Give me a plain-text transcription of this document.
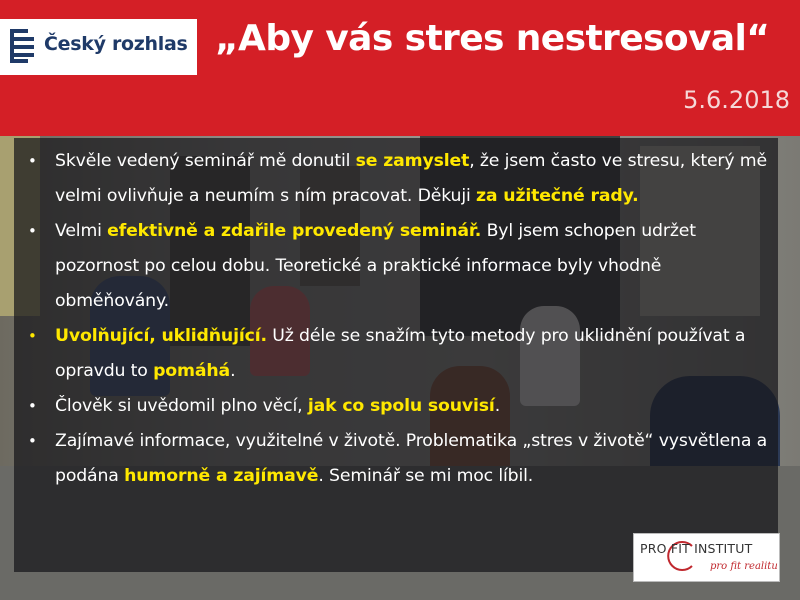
Český rozhlas „Aby vás stres nestresoval“
5.6.2018
• Skvěle vedený seminář mě donutil se zamyslet, že jsem často ve stresu, který mě velmi ovlivňuje a neumím s ním pracovat. Děkuji za užitečné rady.
• Velmi efektivně a zdařile provedený seminář. Byl jsem schopen udržet pozornost po celou dobu. Teoretické a praktické informace byly vhodně obměňovány.
• Uvolňující, uklidňující. Už déle se snažím tyto metody pro uklidnění používat a opravdu to pomáhá.
• Člověk si uvědomil plno věcí, jak co spolu souvisí.
• Zajímavé informace, využitelné v životě. Problematika „stres v životě“ vysvětlena a podána humorně a zajímavě. Seminář se mi moc líbil.
PRO FIT INSTITUT
pro fit realitu
